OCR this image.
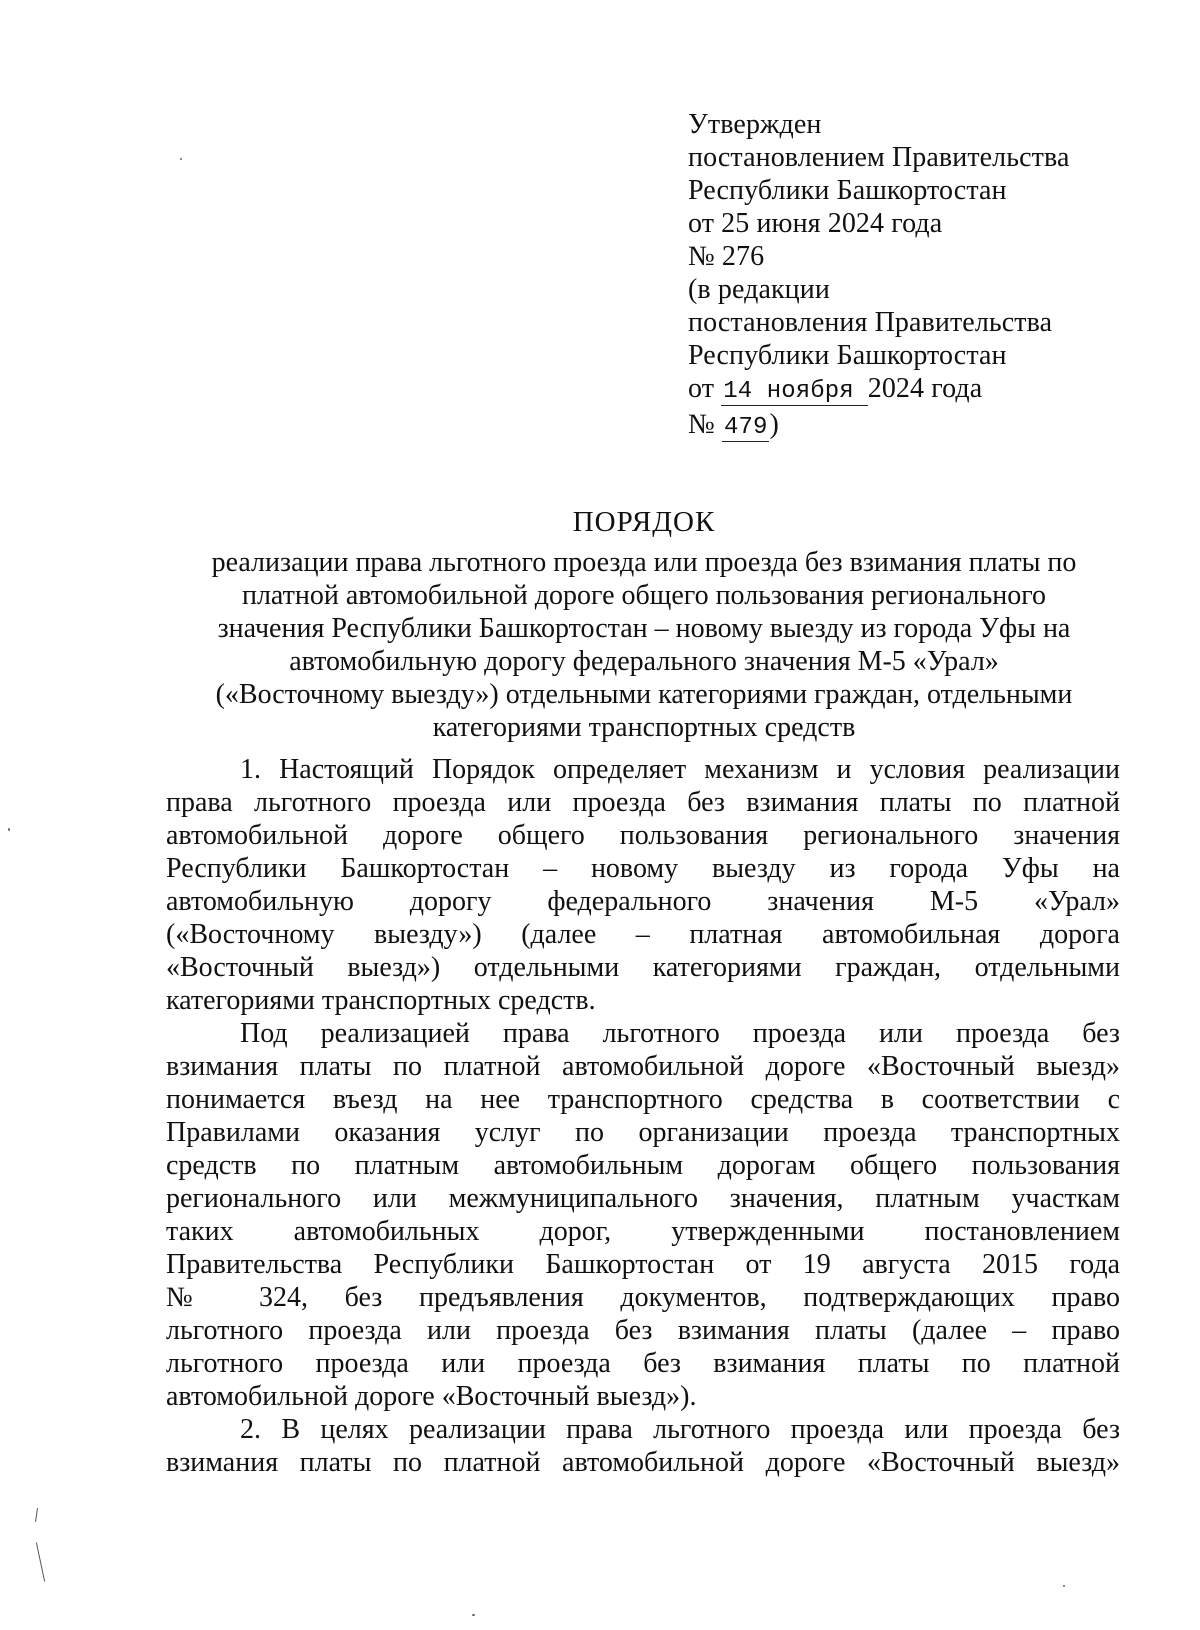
Утвержден
постановлением Правительства
Республики Башкортостан
от 25 июня 2024 года
№ 276
(в редакции
постановления Правительства
Республики Башкортостан
от 14 ноября 2024 года
№ 479)
ПОРЯДОК
реализации права льготного проезда или проезда без взимания платы по
платной автомобильной дороге общего пользования регионального
значения Республики Башкортостан – новому выезду из города Уфы на
автомобильную дорогу федерального значения М-5 «Урал»
(«Восточному выезду») отдельными категориями граждан, отдельными
категориями транспортных средств
1. Настоящий Порядок определяет механизм и условия реализации
права льготного проезда или проезда без взимания платы по платной
автомобильной дороге общего пользования регионального значения
Республики Башкортостан – новому выезду из города Уфы на
автомобильную дорогу федерального значения М-5 «Урал»
(«Восточному выезду») (далее – платная автомобильная дорога
«Восточный выезд») отдельными категориями граждан, отдельными
категориями транспортных средств.
Под реализацией права льготного проезда или проезда без
взимания платы по платной автомобильной дороге «Восточный выезд»
понимается въезд на нее транспортного средства в соответствии с
Правилами оказания услуг по организации проезда транспортных
средств по платным автомобильным дорогам общего пользования
регионального или межмуниципального значения, платным участкам
таких автомобильных дорог, утвержденными постановлением
Правительства Республики Башкортостан от 19 августа 2015 года
№ 324, без предъявления документов, подтверждающих право
льготного проезда или проезда без взимания платы (далее – право
льготного проезда или проезда без взимания платы по платной
автомобильной дороге «Восточный выезд»).
2. В целях реализации права льготного проезда или проезда без
взимания платы по платной автомобильной дороге «Восточный выезд»
